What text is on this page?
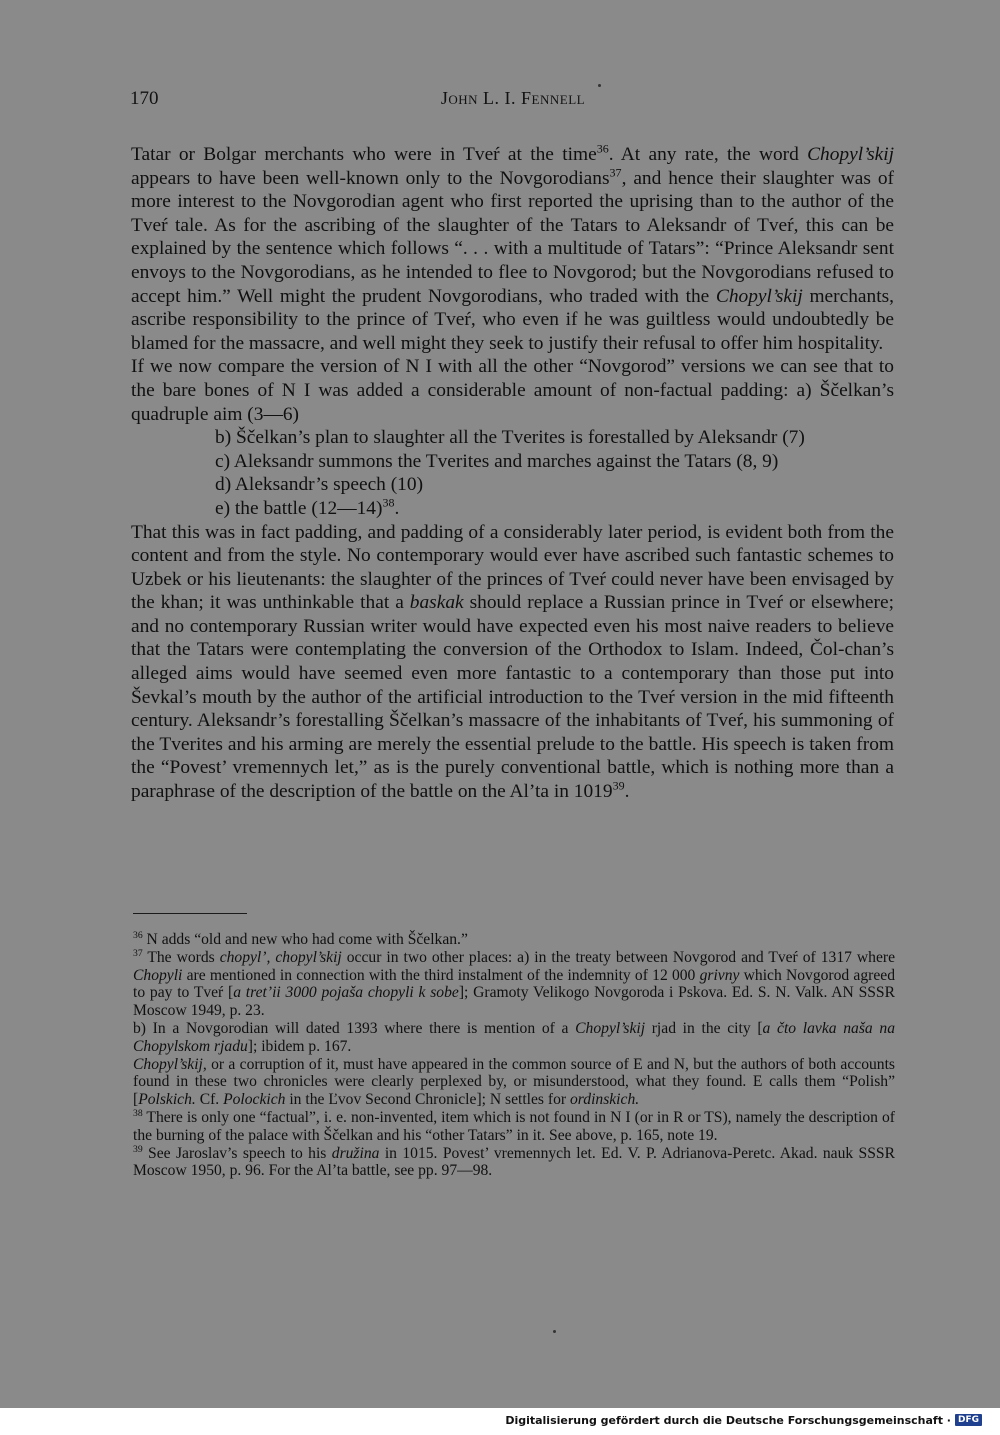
170	John L. I. Fennell

Tatar or Bolgar merchants who were in Tveŕ at the time$^{36}$. At any rate, the word Chopyl’skij appears to have been well-known only to the Novgorodians$^{37}$, and hence their slaughter was of more interest to the Novgorodian agent who first reported the uprising than to the author of the Tveŕ tale. As for the ascribing of the slaughter of the Tatars to Aleksandr of Tveŕ, this can be explained by the sentence which follows “. . . with a multitude of Tatars”: “Prince Aleksandr sent envoys to the Novgorodians, as he intended to flee to Novgorod; but the Novgorodians refused to accept him.” Well might the prudent Novgorodians, who traded with the Chopyl’skij merchants, ascribe responsibility to the prince of Tveŕ, who even if he was guiltless would undoubtedly be blamed for the massacre, and well might they seek to justify their refusal to offer him hospitality.

If we now compare the version of N I with all the other “Novgorod” versions we can see that to the bare bones of N I was added a considerable amount of non-factual padding: a) Ščelkan’s quadruple aim (3—6)

b) Ščelkan’s plan to slaughter all the Tverites is forestalled by Aleksandr (7)

c) Aleksandr summons the Tverites and marches against the Tatars (8, 9)

d) Aleksandr’s speech (10)

e) the battle (12—14)$^{38}$.

That this was in fact padding, and padding of a considerably later period, is evident both from the content and from the style. No contemporary would ever have ascribed such fantastic schemes to Uzbek or his lieutenants: the slaughter of the princes of Tveŕ could never have been envisaged by the khan; it was unthinkable that a baskak should replace a Russian prince in Tveŕ or elsewhere; and no contemporary Russian writer would have expected even his most naive readers to believe that the Tatars were contemplating the conversion of the Orthodox to Islam. Indeed, Čol-chan’s alleged aims would have seemed even more fantastic to a contemporary than those put into Ševkal’s mouth by the author of the artificial introduction to the Tveŕ version in the mid fifteenth century. Aleksandr’s forestalling Ščelkan’s massacre of the inhabitants of Tveŕ, his summoning of the Tverites and his arming are merely the essential prelude to the battle. His speech is taken from the “Povest’ vremennych let,” as is the purely conventional battle, which is nothing more than a paraphrase of the description of the battle on the Al’ta in 1019$^{39}$.

$^{36}$ N adds “old and new who had come with Ščelkan.”

$^{37}$ The words chopyl’, chopyl’skij occur in two other places: a) in the treaty between Novgorod and Tveŕ of 1317 where Chopyli are mentioned in connection with the third instalment of the indemnity of 12 000 grivny which Novgorod agreed to pay to Tveŕ [a tret’ii 3000 pojaša chopyli k sobe]; Gramoty Velikogo Novgoroda i Pskova. Ed. S. N. Valk. AN SSSR Moscow 1949, p. 23.

b) In a Novgorodian will dated 1393 where there is mention of a Chopyl’skij rjad in the city [a čto lavka naša na Chopylskom rjadu]; ibidem p. 167.

Chopyl’skij, or a corruption of it, must have appeared in the common source of E and N, but the authors of both accounts found in these two chronicles were clearly perplexed by, or misunderstood, what they found. E calls them “Polish” [Polskich. Cf. Polockich in the Ľvov Second Chronicle]; N settles for ordinskich.

$^{38}$ There is only one “factual”, i. e. non-invented, item which is not found in N I (or in R or TS), namely the description of the burning of the palace with Ščelkan and his “other Tatars” in it. See above, p. 165, note 19.

$^{39}$ See Jaroslav’s speech to his družina in 1015. Povest’ vremennych let. Ed. V. P. Adrianova-Peretc. Akad. nauk SSSR Moscow 1950, p. 96. For the Al’ta battle, see pp. 97—98.

Digitalisierung gefördert durch die Deutsche Forschungsgemeinschaft · DFG
